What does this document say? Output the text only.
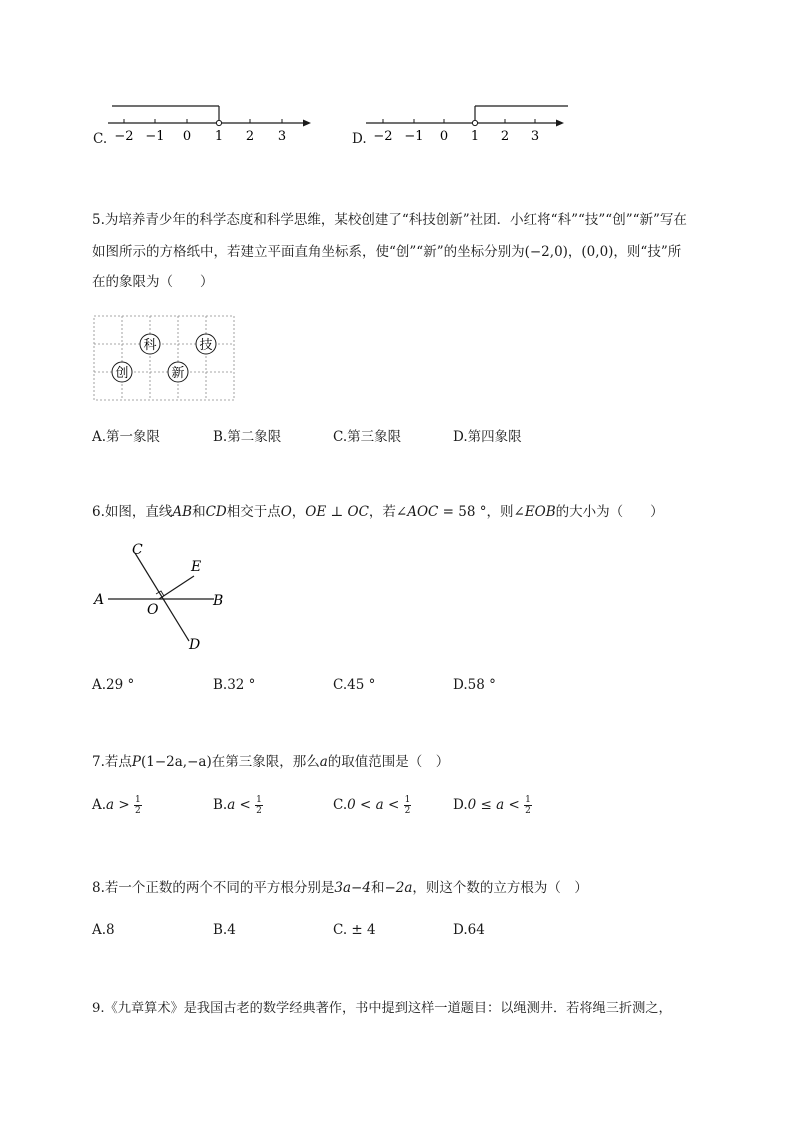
C. −2 −1 0 1 2 3	D. −2 −1 0 1 2 3
5.为培养青少年的科学态度和科学思维，某校创建了“科技创新”社团．小红将“科”“技”“创”“新”写在
如图所示的方格纸中，若建立平面直角坐标系，使“创”“新”的坐标分别为(−2,0)，(0,0)，则“技”所
在的象限为（　　）
科	技
创	新
A.第一象限	B.第二象限	C.第三象限	D.第四象限
6.如图，直线AB和CD相交于点O，OE ⊥ OC，若∠AOC = 58 °，则∠EOB的大小为（　　）
A	B
C
D
E
O
A.29 °	B.32 °	C.45 °	D.58 °
7.若点P(1−2a,−a)在第三象限，那么a的取值范围是（　）
$A.a > \frac{1}{2}$	$B.a < \frac{1}{2}$	$C.0 < a < \frac{1}{2}$	$D.0 \le a < \frac{1}{2}$
8.若一个正数的两个不同的平方根分别是3a−4和−2a，则这个数的立方根为（　）
A.8	B.4	C. ± 4	D.64
9.《九章算术》是我国古老的数学经典著作，书中提到这样一道题目：以绳测井．若将绳三折测之，
